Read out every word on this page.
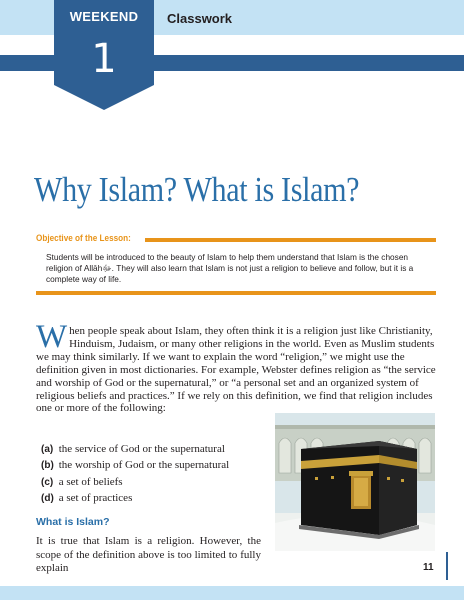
WEEKEND
1
Classwork
Why Islam? What is Islam?
Objective of the Lesson:
Students will be introduced to the beauty of Islam to help them understand that Islam is the chosen religion of Allāhﷻ. They will also learn that Islam is not just a religion to believe and follow, but it is a complete way of life.
W hen people speak about Islam, they often think it is a religion just like Christianity, Hinduism, Judaism, or many other religions in the world. Even as Muslim students we may think similarly. If we want to explain the word “religion,” we might use the definition given in most dictionaries. For example, Webster defines religion as “the service and worship of God or the supernatural,” or “a personal set and an organized system of religious beliefs and practices.” If we rely on this definition, we find that religion includes one or more of the following:
(a) the service of God or the supernatural
(b) the worship of God or the supernatural
(c) a set of beliefs
(d) a set of practices
What is Islam?
It is true that Islam is a religion. However, the scope of the definition above is too limited to fully explain	11
